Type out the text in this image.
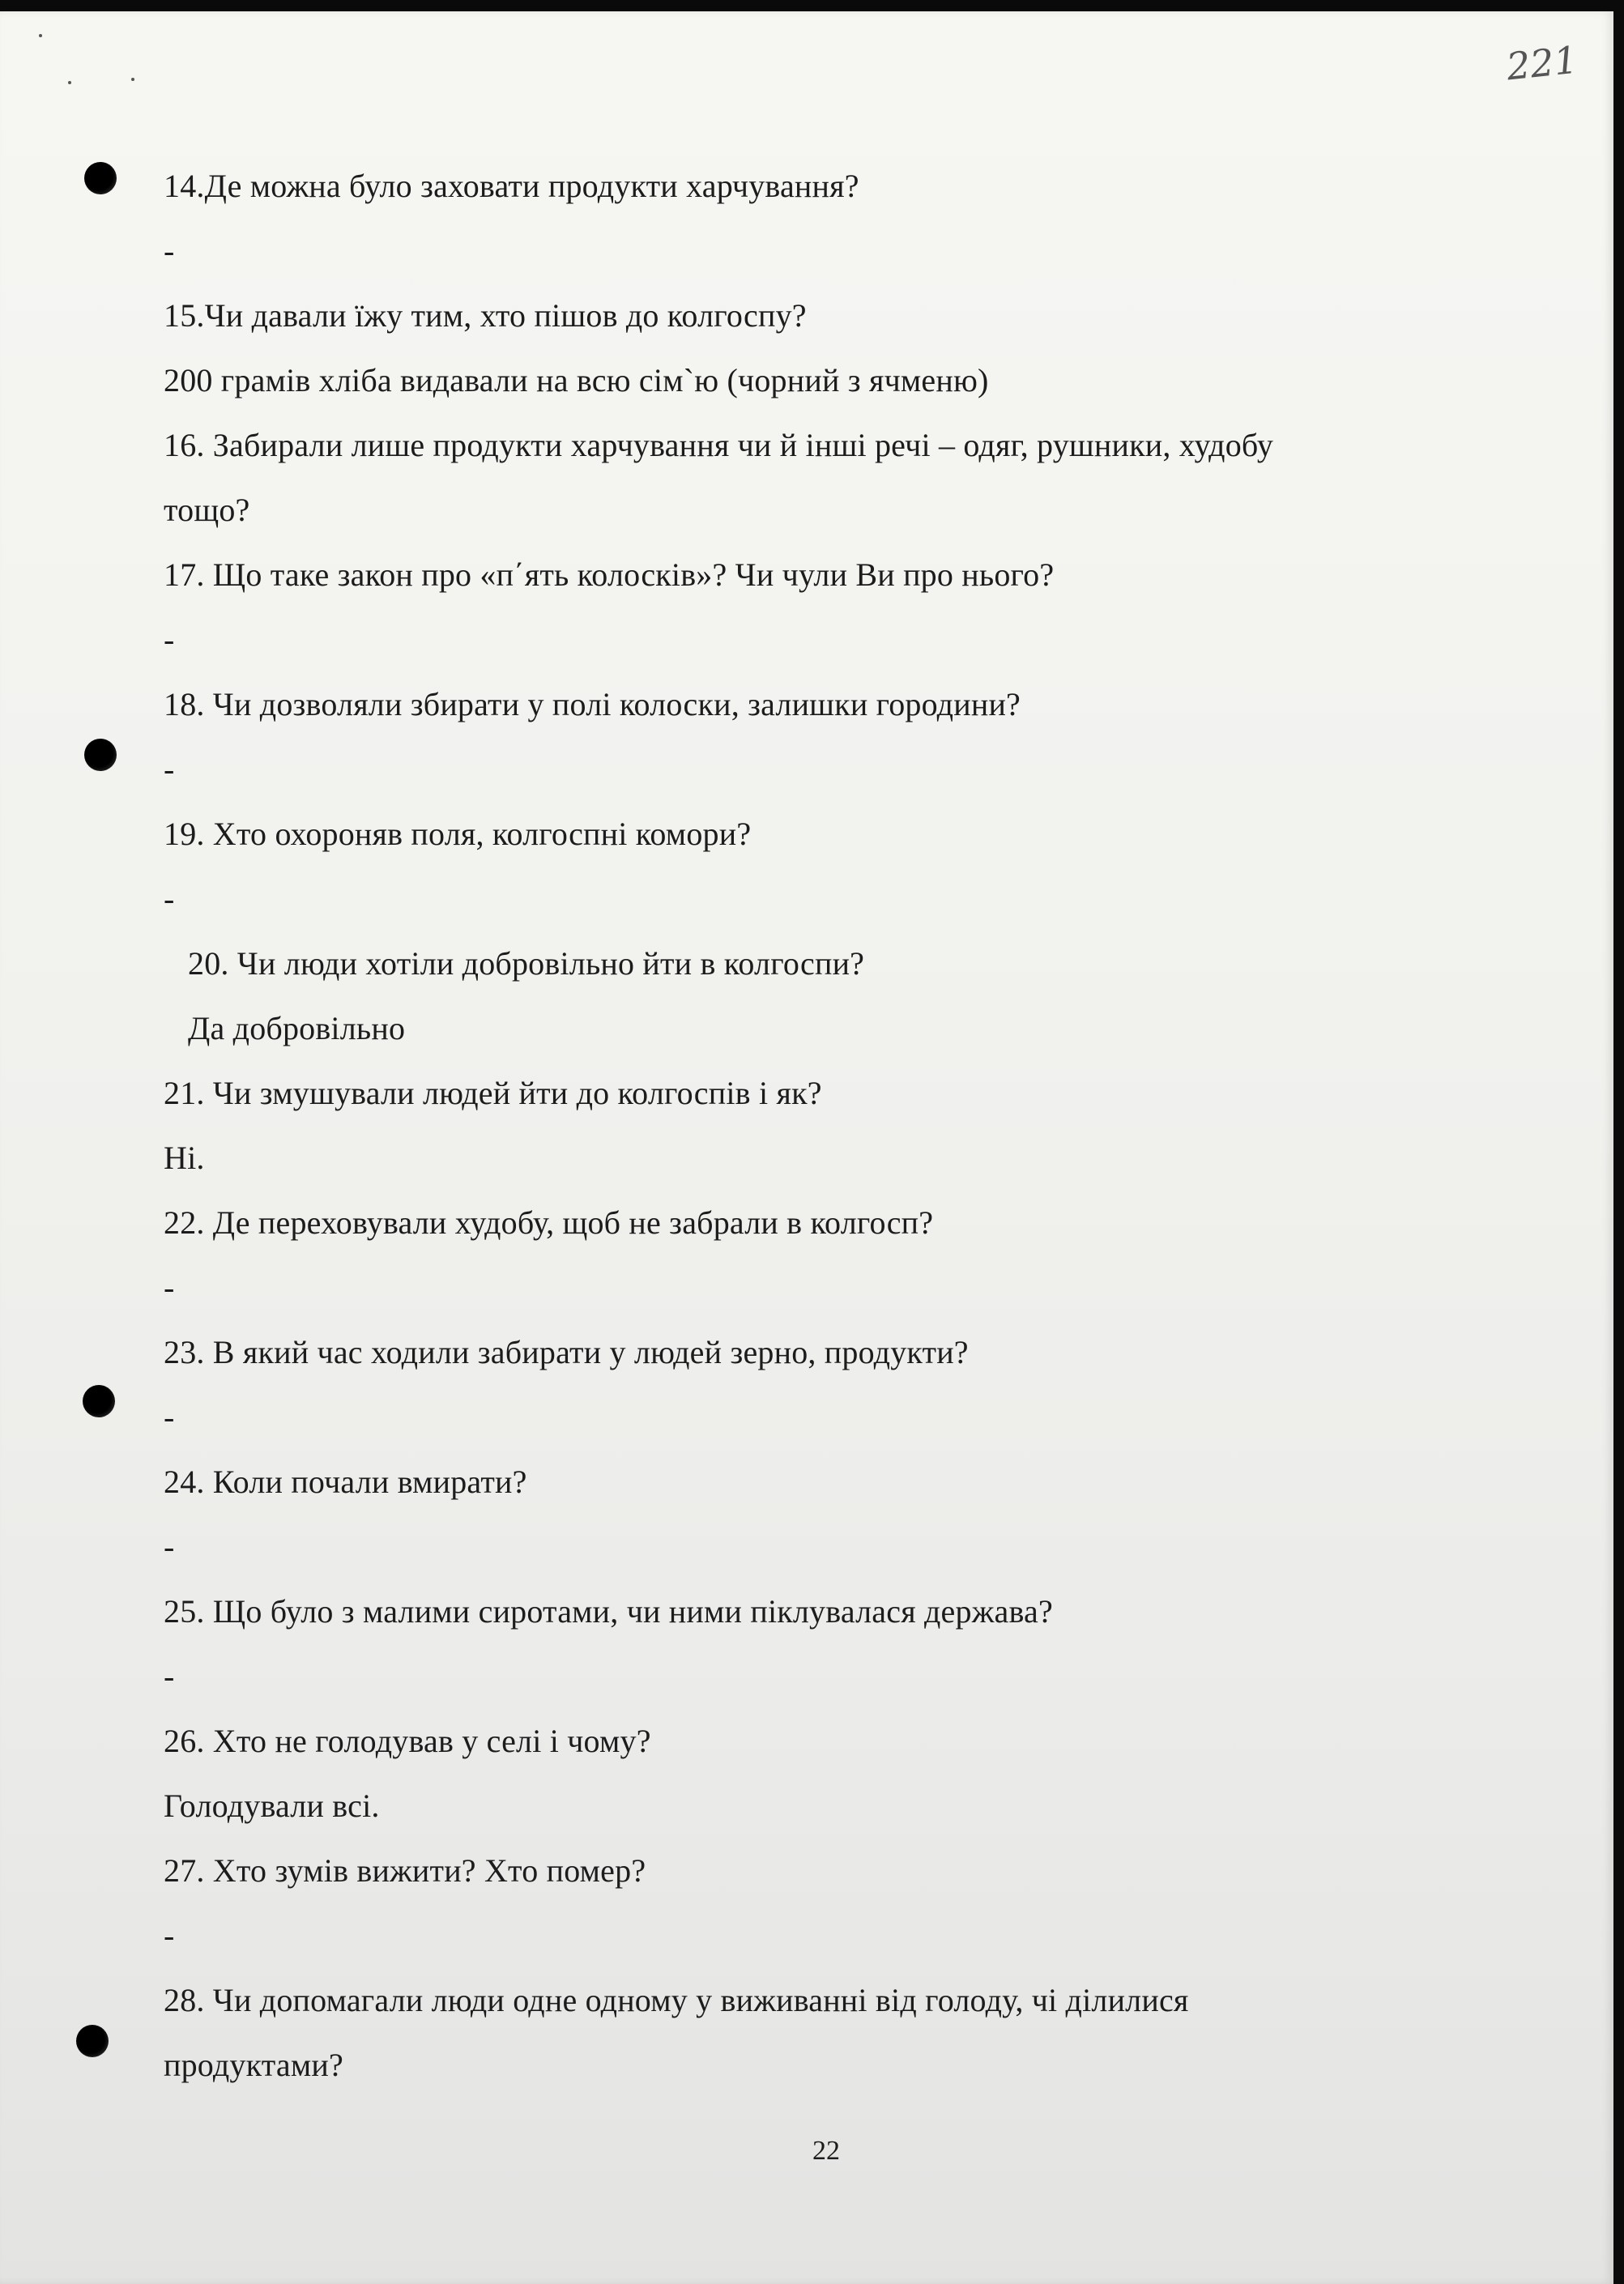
221

14.Де можна було заховати продукти харчування?

-

15.Чи давали їжу тим, хто пішов до колгоспу?

200 грамів хліба видавали на всю сім`ю (чорний з ячменю)

16. Забирали лише продукти харчування чи й інші речі – одяг, рушники, худобу

тощо?

17. Що таке закон про «п΄ять колосків»? Чи чули Ви про нього?

-

18. Чи дозволяли збирати у полі колоски, залишки городини?

-

19. Хто охороняв поля, колгоспні комори?

-

20. Чи люди хотіли добровільно йти в колгоспи?

Да добровільно

21. Чи змушували людей йти до колгоспів і як?

Ні.

22. Де переховували худобу, щоб не забрали в колгосп?

-

23. В який час ходили забирати у людей зерно, продукти?

-

24. Коли почали вмирати?

-

25. Що було з малими сиротами, чи ними піклувалася держава?

-

26. Хто не голодував у селі і чому?

Голодували всі.

27. Хто зумів вижити? Хто помер?

-

28. Чи допомагали люди одне одному у виживанні від голоду, чі ділилися

продуктами?

22
